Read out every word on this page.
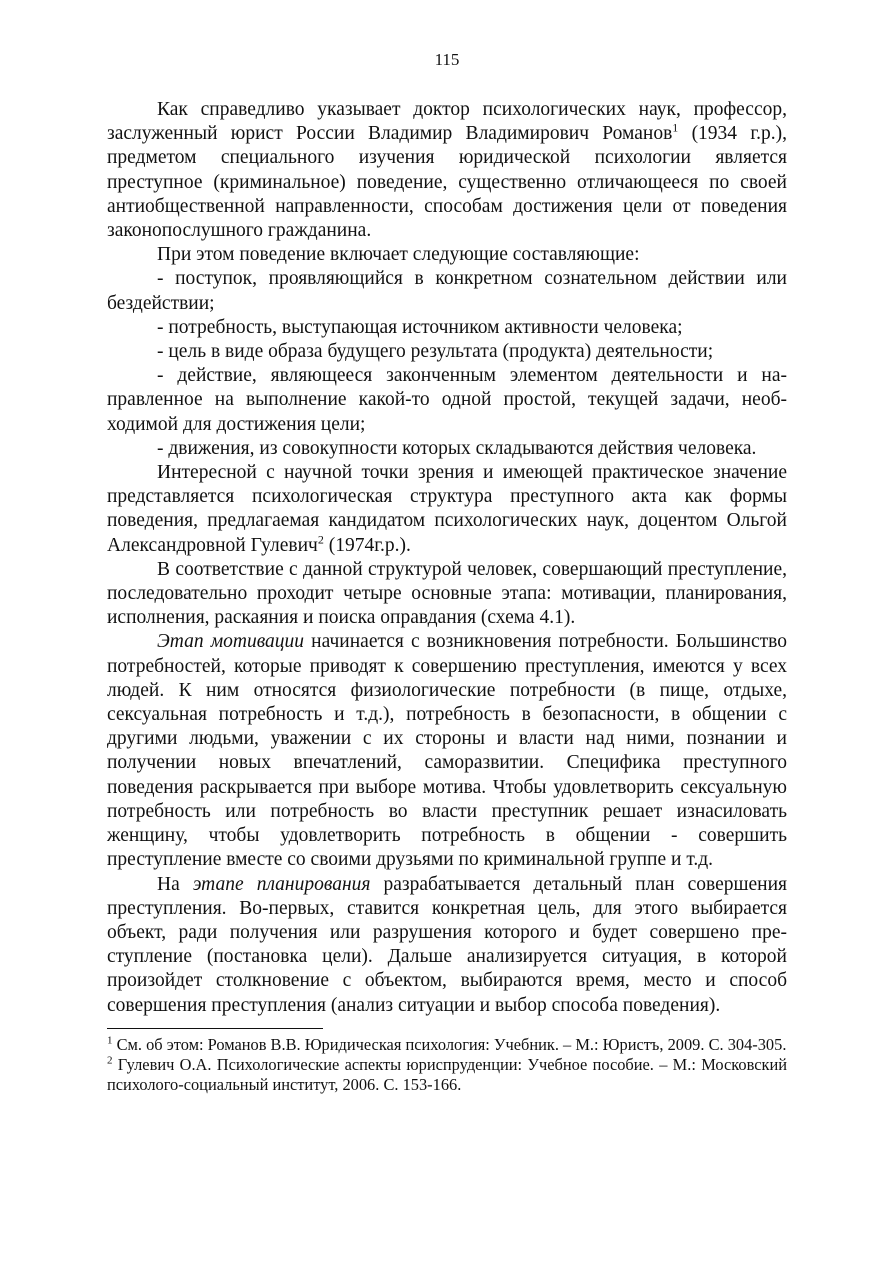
115

Как справедливо указывает доктор психологических наук, профессор, заслуженный юрист России Владимир Владимирович Романов$^1$ (1934 г.р.), предметом специального изучения юридической психологии является преступное (криминальное) поведение, существенно отличающееся по своей антиобщественной направленности, способам достижения цели от поведения законопослушного гражданина.

При этом поведение включает следующие составляющие:

- поступок, проявляющийся в конкретном сознательном действии или бездействии;

- потребность, выступающая источником активности человека;

- цель в виде образа будущего результата (продукта) деятельности;

- действие, являющееся законченным элементом деятельности и направленное на выполнение какой-то одной простой, текущей задачи, необходимой для достижения цели;

- движения, из совокупности которых складываются действия человека.

Интересной с научной точки зрения и имеющей практическое значение представляется психологическая структура преступного акта как формы поведения, предлагаемая кандидатом психологических наук, доцентом Ольгой Александровной Гулевич$^2$ (1974г.р.).

В соответствие с данной структурой человек, совершающий преступление, последовательно проходит четыре основные этапа: мотивации, планирования, исполнения, раскаяния и поиска оправдания (схема 4.1).

Этап мотивации начинается с возникновения потребности. Большинство потребностей, которые приводят к совершению преступления, имеются у всех людей. К ним относятся физиологические потребности (в пище, отдыхе, сексуальная потребность и т.д.), потребность в безопасности, в общении с другими людьми, уважении с их стороны и власти над ними, познании и получении новых впечатлений, саморазвитии. Специфика преступного поведения раскрывается при выборе мотива. Чтобы удовлетворить сексуальную потребность или потребность во власти преступник решает изнасиловать женщину, чтобы удовлетворить потребность в общении - совершить преступление вместе со своими друзьями по криминальной группе и т.д.

На этапе планирования разрабатывается детальный план совершения преступления. Во-первых, ставится конкретная цель, для этого выбирается объект, ради получения или разрушения которого и будет совершено преступление (постановка цели). Дальше анализируется ситуация, в которой произойдет столкновение с объектом, выбираются время, место и способ совершения преступления (анализ ситуации и выбор способа поведения).

$^1$ См. об этом: Романов В.В. Юридическая психология: Учебник. – М.: Юристъ, 2009. С. 304-305.

$^2$ Гулевич О.А. Психологические аспекты юриспруденции: Учебное пособие. – М.: Московский психолого-социальный институт, 2006. С. 153-166.
